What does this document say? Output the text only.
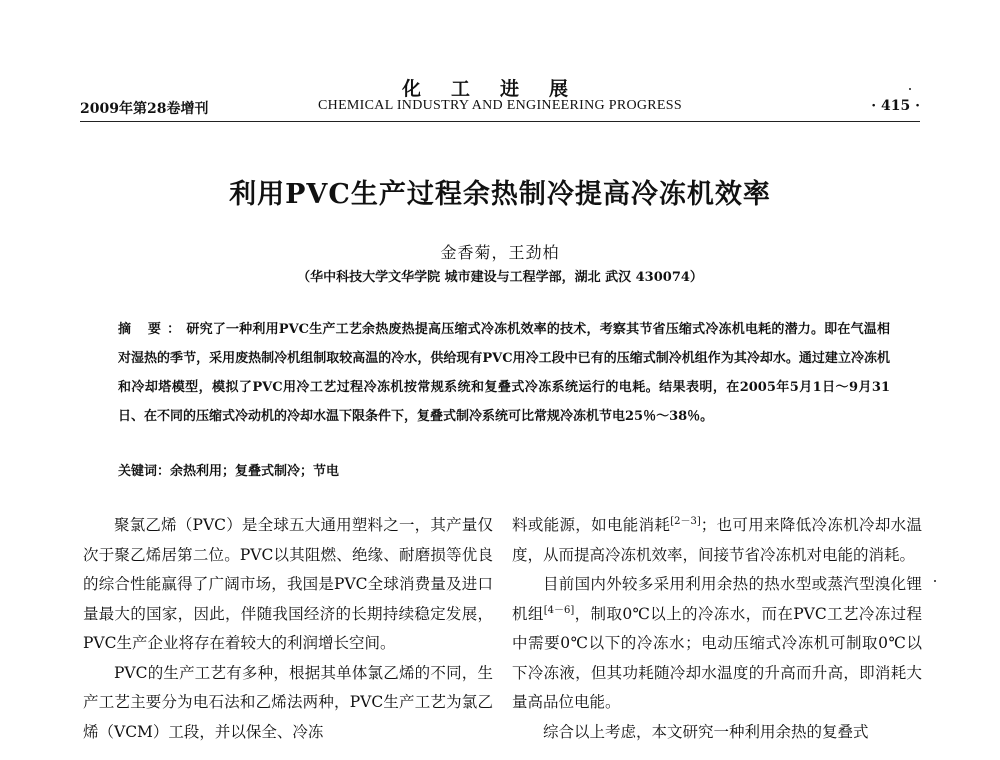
化工进展
2009年第28卷增刊	CHEMICAL INDUSTRY AND ENGINEERING PROGRESS	· 415 ·
利用PVC生产过程余热制冷提高冷冻机效率
金香菊，王劲柏
（华中科技大学文华学院 城市建设与工程学部，湖北 武汉 430074）
摘 要：研究了一种利用PVC生产工艺余热废热提高压缩式冷冻机效率的技术，考察其节省压缩式冷冻机电耗的潜力。即在气温相对湿热的季节，采用废热制冷机组制取较高温的冷水，供给现有PVC用冷工段中已有的压缩式制冷机组作为其冷却水。通过建立冷冻机和冷却塔模型，模拟了PVC用冷工艺过程冷冻机按常规系统和复叠式冷冻系统运行的电耗。结果表明，在2005年5月1日～9月31日、在不同的压缩式冷动机的冷却水温下限条件下，复叠式制冷系统可比常规冷冻机节电25％～38％。
关键词：余热利用；复叠式制冷；节电

聚氯乙烯（PVC）是全球五大通用塑料之一，其产量仅次于聚乙烯居第二位。PVC以其阻燃、绝缘、耐磨损等优良的综合性能赢得了广阔市场，我国是PVC全球消费量及进口量最大的国家，因此，伴随我国经济的长期持续稳定发展，PVC生产企业将存在着较大的利润增长空间。

PVC的生产工艺有多种，根据其单体氯乙烯的不同，生产工艺主要分为电石法和乙烯法两种，PVC生产工艺为氯乙烯（VCM）工段，并以保全、冷冻

料或能源，如电能消耗[2－3]；也可用来降低冷冻机冷却水温度，从而提高冷冻机效率，间接节省冷冻机对电能的消耗。

目前国内外较多采用利用余热的热水型或蒸汽型溴化锂机组[4－6]，制取0℃以上的冷冻水，而在PVC工艺冷冻过程中需要0℃以下的冷冻水；电动压缩式冷冻机可制取0℃以下冷冻液，但其功耗随冷却水温度的升高而升高，即消耗大量高品位电能。

综合以上考虑，本文研究一种利用余热的复叠式
